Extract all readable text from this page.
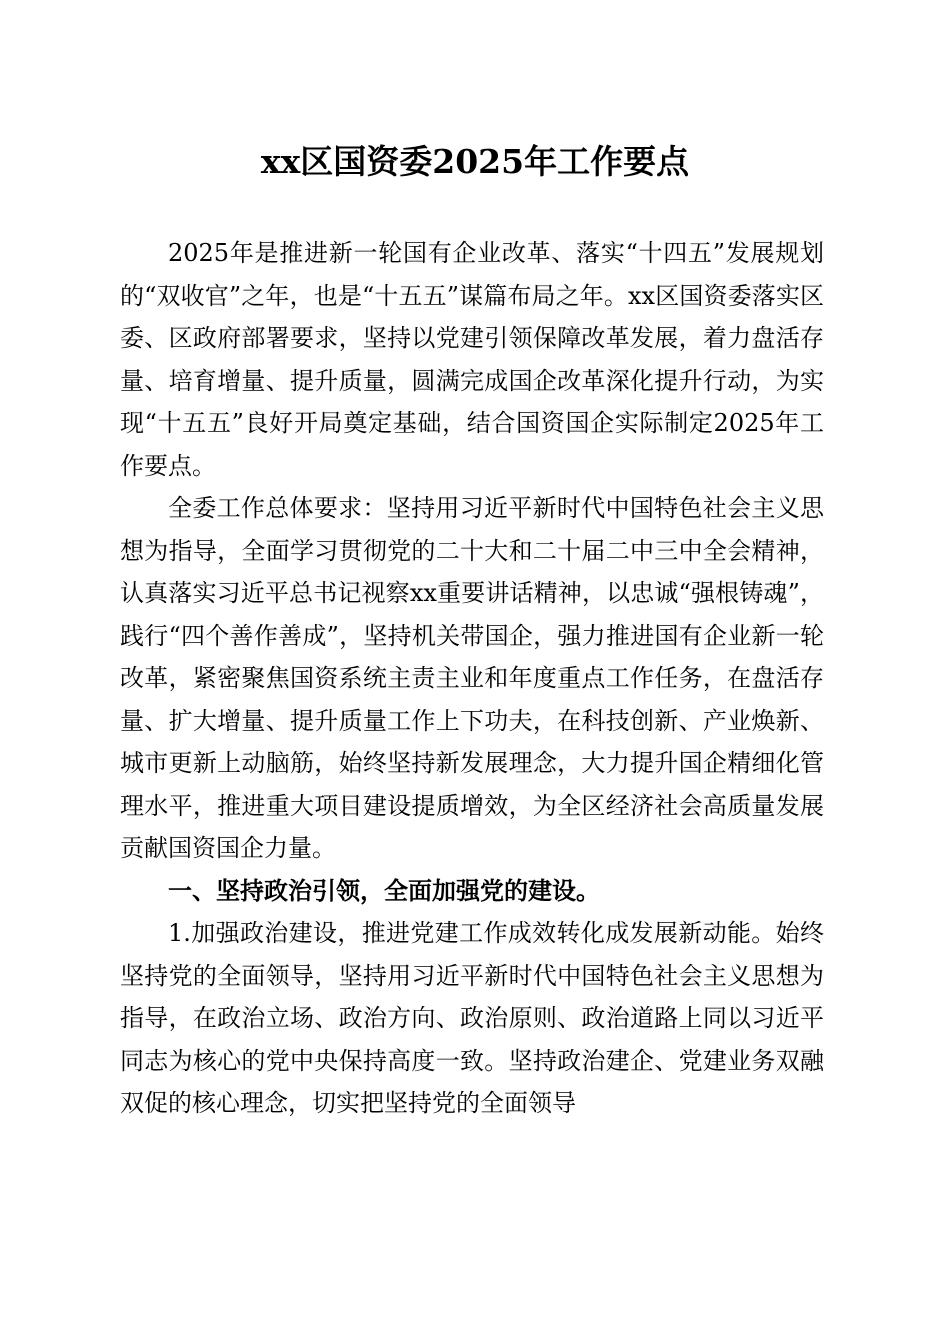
xx区国资委2025年工作要点

2025年是推进新一轮国有企业改革、落实“十四五”发展规划的“双收官”之年，也是“十五五”谋篇布局之年。xx区国资委落实区委、区政府部署要求，坚持以党建引领保障改革发展，着力盘活存量、培育增量、提升质量，圆满完成国企改革深化提升行动，为实现“十五五”良好开局奠定基础，结合国资国企实际制定2025年工作要点。

全委工作总体要求：坚持用习近平新时代中国特色社会主义思想为指导，全面学习贯彻党的二十大和二十届二中三中全会精神，认真落实习近平总书记视察xx重要讲话精神，以忠诚“强根铸魂”，践行“四个善作善成”，坚持机关带国企，强力推进国有企业新一轮改革，紧密聚焦国资系统主责主业和年度重点工作任务，在盘活存量、扩大增量、提升质量工作上下功夫，在科技创新、产业焕新、城市更新上动脑筋，始终坚持新发展理念，大力提升国企精细化管理水平，推进重大项目建设提质增效，为全区经济社会高质量发展贡献国资国企力量。

一、坚持政治引领，全面加强党的建设。

1.加强政治建设，推进党建工作成效转化成发展新动能。始终坚持党的全面领导，坚持用习近平新时代中国特色社会主义思想为指导，在政治立场、政治方向、政治原则、政治道路上同以习近平同志为核心的党中央保持高度一致。坚持政治建企、党建业务双融双促的核心理念，切实把坚持党的全面领导
